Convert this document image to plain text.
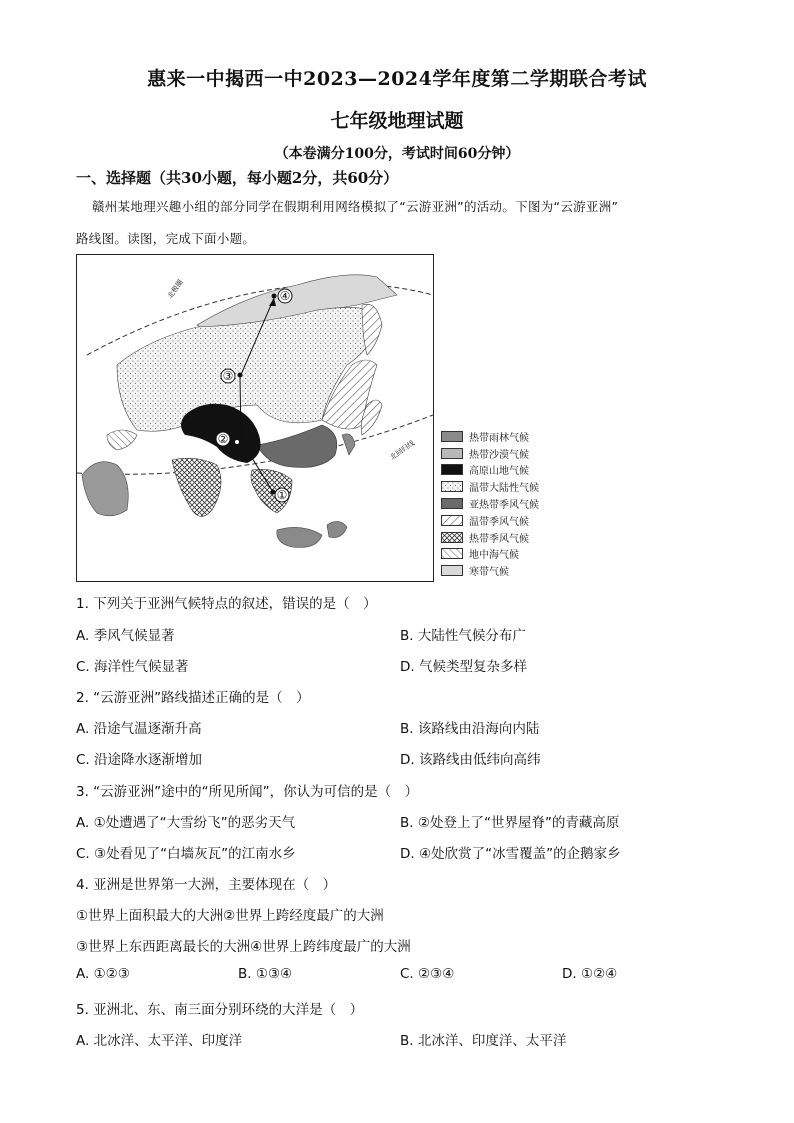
惠来一中揭西一中2023—2024学年度第二学期联合考试
七年级地理试题
（本卷满分100分，考试时间60分钟）
一、选择题（共30小题，每小题2分，共60分）
赣州某地理兴趣小组的部分同学在假期利用网络模拟了“云游亚洲”的活动。下图为“云游亚洲”
路线图。读图，完成下面小题。
①
②
③
④
北极圈
北回归线
热带雨林气候
热带沙漠气候
高原山地气候
温带大陆性气候
亚热带季风气候
温带季风气候
热带季风气候
地中海气候
寒带气候
1. 下列关于亚洲气候特点的叙述，错误的是（　）
A. 季风气候显著	B. 大陆性气候分布广
C. 海洋性气候显著	D. 气候类型复杂多样
2. “云游亚洲”路线描述正确的是（　）
A. 沿途气温逐渐升高	B. 该路线由沿海向内陆
C. 沿途降水逐渐增加	D. 该路线由低纬向高纬
3. “云游亚洲”途中的“所见所闻”，你认为可信的是（　）
A. ①处遭遇了“大雪纷飞”的恶劣天气	B. ②处登上了“世界屋脊”的青藏高原
C. ③处看见了“白墙灰瓦”的江南水乡	D. ④处欣赏了“冰雪覆盖”的企鹅家乡
4. 亚洲是世界第一大洲，主要体现在（　）
①世界上面积最大的大洲②世界上跨经度最广的大洲
③世界上东西距离最长的大洲④世界上跨纬度最广的大洲
A. ①②③	B. ①③④	C. ②③④	D. ①②④
5. 亚洲北、东、南三面分别环绕的大洋是（　）
A. 北冰洋、太平洋、印度洋	B. 北冰洋、印度洋、太平洋
